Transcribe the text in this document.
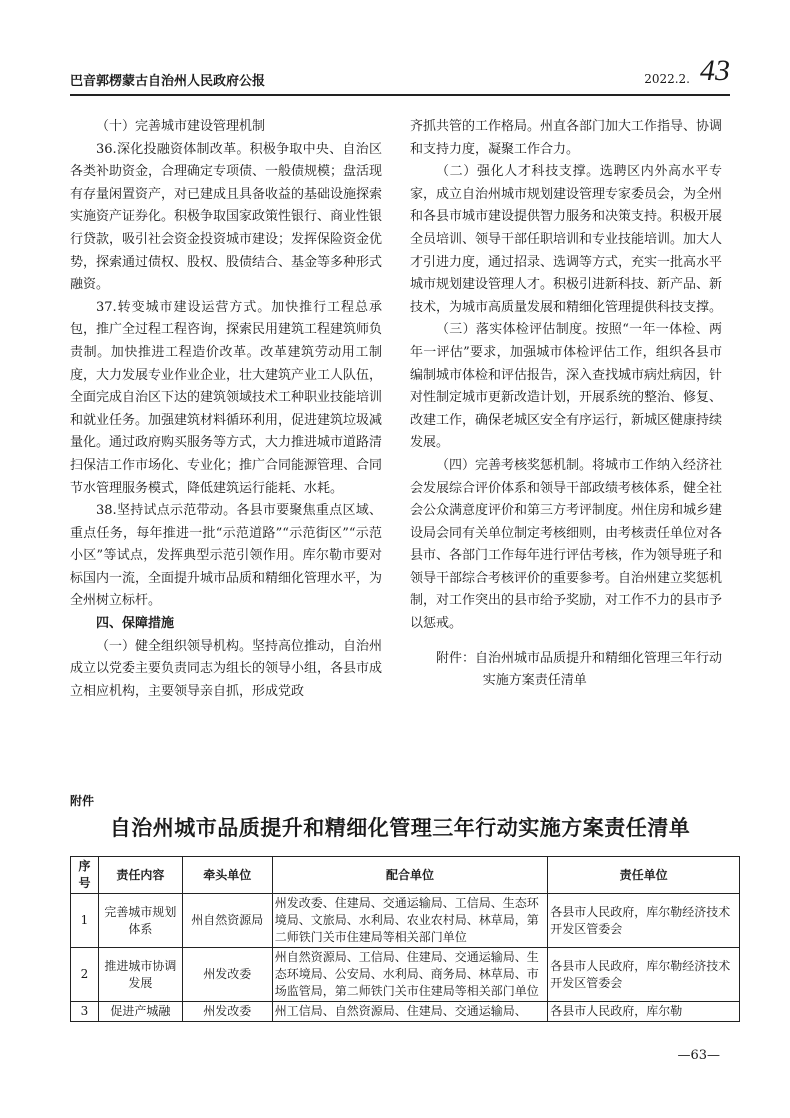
巴音郭楞蒙古自治州人民政府公报	2022.2. 43

（十）完善城市建设管理机制

36.深化投融资体制改革。积极争取中央、自治区各类补助资金，合理确定专项债、一般债规模；盘活现有存量闲置资产，对已建成且具备收益的基础设施探索实施资产证券化。积极争取国家政策性银行、商业性银行贷款，吸引社会资金投资城市建设；发挥保险资金优势，探索通过债权、股权、股债结合、基金等多种形式融资。

37.转变城市建设运营方式。加快推行工程总承包，推广全过程工程咨询，探索民用建筑工程建筑师负责制。加快推进工程造价改革。改革建筑劳动用工制度，大力发展专业作业企业，壮大建筑产业工人队伍，全面完成自治区下达的建筑领域技术工种职业技能培训和就业任务。加强建筑材料循环利用，促进建筑垃圾减量化。通过政府购买服务等方式，大力推进城市道路清扫保洁工作市场化、专业化；推广合同能源管理、合同节水管理服务模式，降低建筑运行能耗、水耗。

38.坚持试点示范带动。各县市要聚焦重点区域、重点任务，每年推进一批“示范道路”“示范街区”“示范小区”等试点，发挥典型示范引领作用。库尔勒市要对标国内一流，全面提升城市品质和精细化管理水平，为全州树立标杆。

四、保障措施

（一）健全组织领导机构。坚持高位推动，自治州成立以党委主要负责同志为组长的领导小组，各县市成立相应机构，主要领导亲自抓，形成党政

齐抓共管的工作格局。州直各部门加大工作指导、协调和支持力度，凝聚工作合力。

（二）强化人才科技支撑。选聘区内外高水平专家，成立自治州城市规划建设管理专家委员会，为全州和各县市城市建设提供智力服务和决策支持。积极开展全员培训、领导干部任职培训和专业技能培训。加大人才引进力度，通过招录、选调等方式，充实一批高水平城市规划建设管理人才。积极引进新科技、新产品、新技术，为城市高质量发展和精细化管理提供科技支撑。

（三）落实体检评估制度。按照“一年一体检、两年一评估”要求，加强城市体检评估工作，组织各县市编制城市体检和评估报告，深入查找城市病灶病因，针对性制定城市更新改造计划，开展系统的整治、修复、改建工作，确保老城区安全有序运行，新城区健康持续发展。

（四）完善考核奖惩机制。将城市工作纳入经济社会发展综合评价体系和领导干部政绩考核体系，健全社会公众满意度评价和第三方考评制度。州住房和城乡建设局会同有关单位制定考核细则，由考核责任单位对各县市、各部门工作每年进行评估考核，作为领导班子和领导干部综合考核评价的重要参考。自治州建立奖惩机制，对工作突出的县市给予奖励，对工作不力的县市予以惩戒。

附件：自治州城市品质提升和精细化管理三年行动实施方案责任清单

附件
自治州城市品质提升和精细化管理三年行动实施方案责任清单
序号	责任内容	牵头单位	配合单位	责任单位
1	完善城市规划体系	州自然资源局	州发改委、住建局、交通运输局、工信局、生态环境局、文旅局、水利局、农业农村局、林草局，第二师铁门关市住建局等相关部门单位	各县市人民政府，库尔勒经济技术开发区管委会
2	推进城市协调发展	州发改委	州自然资源局、工信局、住建局、交通运输局、生态环境局、公安局、水利局、商务局、林草局、市场监管局，第二师铁门关市住建局等相关部门单位	各县市人民政府，库尔勒经济技术开发区管委会
3	促进产城融	州发改委	州工信局、自然资源局、住建局、交通运输局、	各县市人民政府，库尔勒
—63—
